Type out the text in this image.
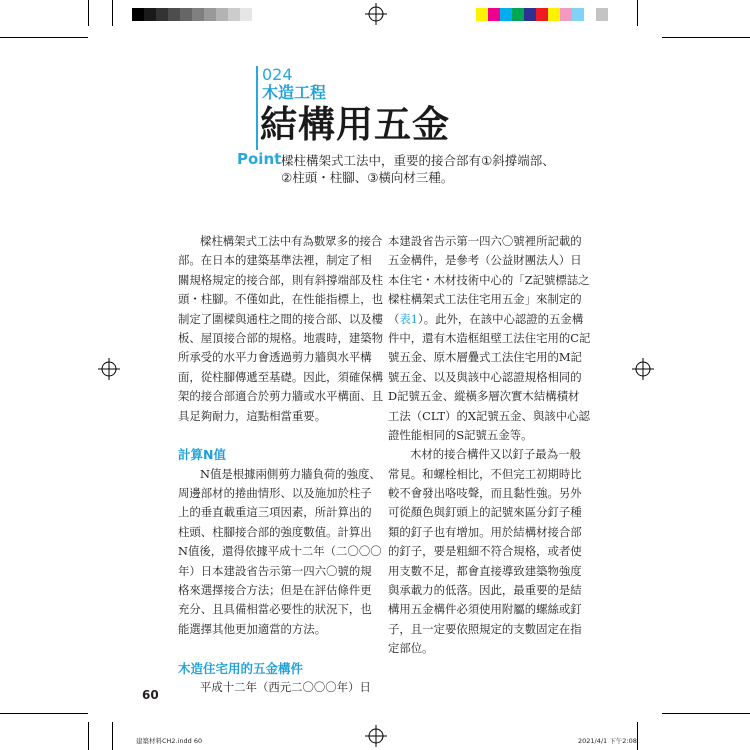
024
木造工程
結構用五金
Point 樑柱構架式工法中，重要的接合部有①斜撐端部、
②柱頭・柱腳、③橫向材三種。
樑柱構架式工法中有為數眾多的接合
部。在日本的建築基準法裡，制定了相
關規格規定的接合部，則有斜撐端部及柱
頭・柱腳。不僅如此，在性能指標上，也
制定了圍樑與通柱之間的接合部、以及樓
板、屋頂接合部的規格。地震時，建築物
所承受的水平力會透過剪力牆與水平構
面，從柱腳傳遞至基礎。因此，須確保構
架的接合部適合於剪力牆或水平構面、且
具足夠耐力，這點相當重要。
計算N值
N值是根據兩側剪力牆負荷的強度、
周邊部材的捲曲情形、以及施加於柱子
上的垂直載重這三項因素，所計算出的
柱頭、柱腳接合部的強度數值。計算出
N值後，還得依據平成十二年（二〇〇〇
年）日本建設省告示第一四六〇號的規
格來選擇接合方法；但是在評估條件更
充分、且具備相當必要性的狀況下，也
能選擇其他更加適當的方法。
木造住宅用的五金構件
平成十二年（西元二〇〇〇年）日
本建設省告示第一四六〇號裡所記載的
五金構件，是參考（公益財團法人）日
本住宅・木材技術中心的「Z記號標誌之
樑柱構架式工法住宅用五金」來制定的
（表1）。此外，在該中心認證的五金構
件中，還有木造框組壁工法住宅用的C記
號五金、原木層疊式工法住宅用的M記
號五金、以及與該中心認證規格相同的
D記號五金、縱橫多層次實木結構積材
工法（CLT）的X記號五金、與該中心認
證性能相同的S記號五金等。
木材的接合構件又以釘子最為一般
常見。和螺栓相比，不但完工初期時比
較不會發出咯吱聲，而且黏性強。另外
可從顏色與釘頭上的記號來區分釘子種
類的釘子也有增加。用於結構材接合部
的釘子，要是粗細不符合規格，或者使
用支數不足，都會直接導致建築物強度
與承載力的低落。因此，最重要的是結
構用五金構件必須使用附屬的螺絲或釘
子，且一定要依照規定的支數固定在指
定部位。
60
建築材料CH2.indd 60	2021/4/1 下午2:08
